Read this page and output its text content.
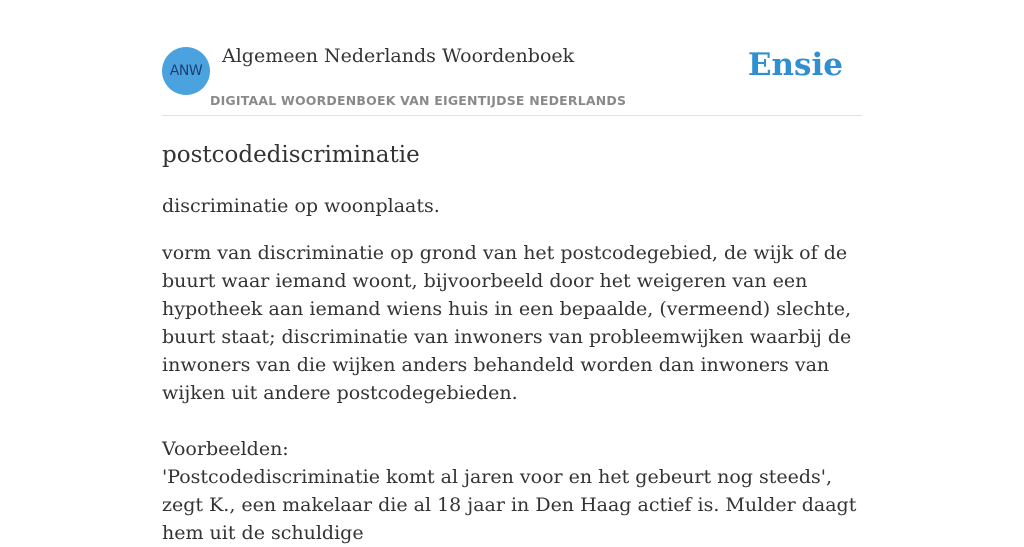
ANW
Algemeen Nederlands Woordenboek
DIGITAAL WOORDENBOEK VAN EIGENTIJDSE NEDERLANDS
Ensie
postcodediscriminatie

discriminatie op woonplaats.

vorm van discriminatie op grond van het postcodegebied, de wijk of de buurt waar iemand woont, bijvoorbeeld door het weigeren van een hypotheek aan iemand wiens huis in een bepaalde, (vermeend) slechte, buurt staat; discriminatie van inwoners van probleemwijken waarbij de inwoners van die wijken anders behandeld worden dan inwoners van wijken uit andere postcodegebieden.

Voorbeelden:

'Postcodediscriminatie komt al jaren voor en het gebeurt nog steeds', zegt K., een makelaar die al 18 jaar in Den Haag actief is. Mulder daagt hem uit de schuldige
